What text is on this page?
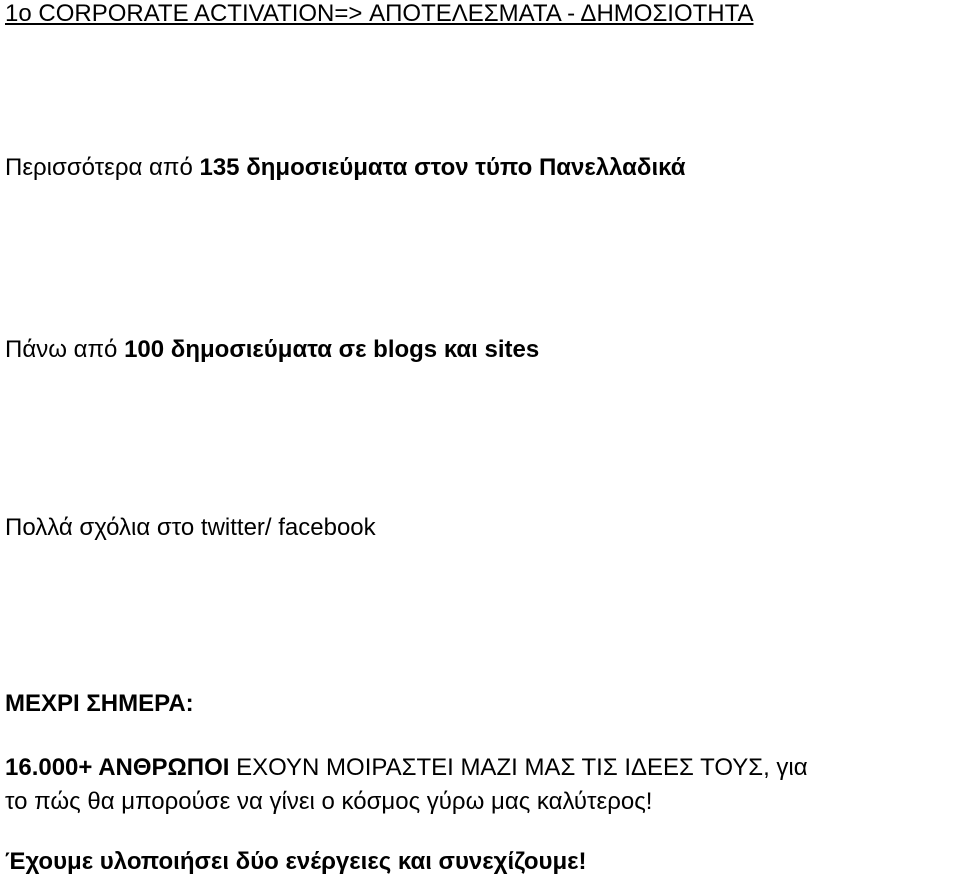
1ο CORPORATE ACTIVATION=> ΑΠΟΤΕΛΕΣΜΑΤΑ - ΔΗΜΟΣΙΟΤΗΤΑ
Περισσότερα από 135 δημοσιεύματα στον τύπο Πανελλαδικά
Πάνω από 100 δημοσιεύματα σε blogs και sites
Πολλά σχόλια στο twitter/ facebook
ΜΕΧΡΙ ΣΗΜΕΡΑ:
16.000+ ΑΝΘΡΩΠΟΙ ΕΧΟΥΝ ΜΟΙΡΑΣΤΕΙ ΜΑΖΙ ΜΑΣ ΤΙΣ ΙΔΕΕΣ ΤΟΥΣ, για
το πώς θα μπορούσε να γίνει ο κόσμος γύρω μας καλύτερος!
Έχουμε υλοποιήσει δύο ενέργειες και συνεχίζουμε!
